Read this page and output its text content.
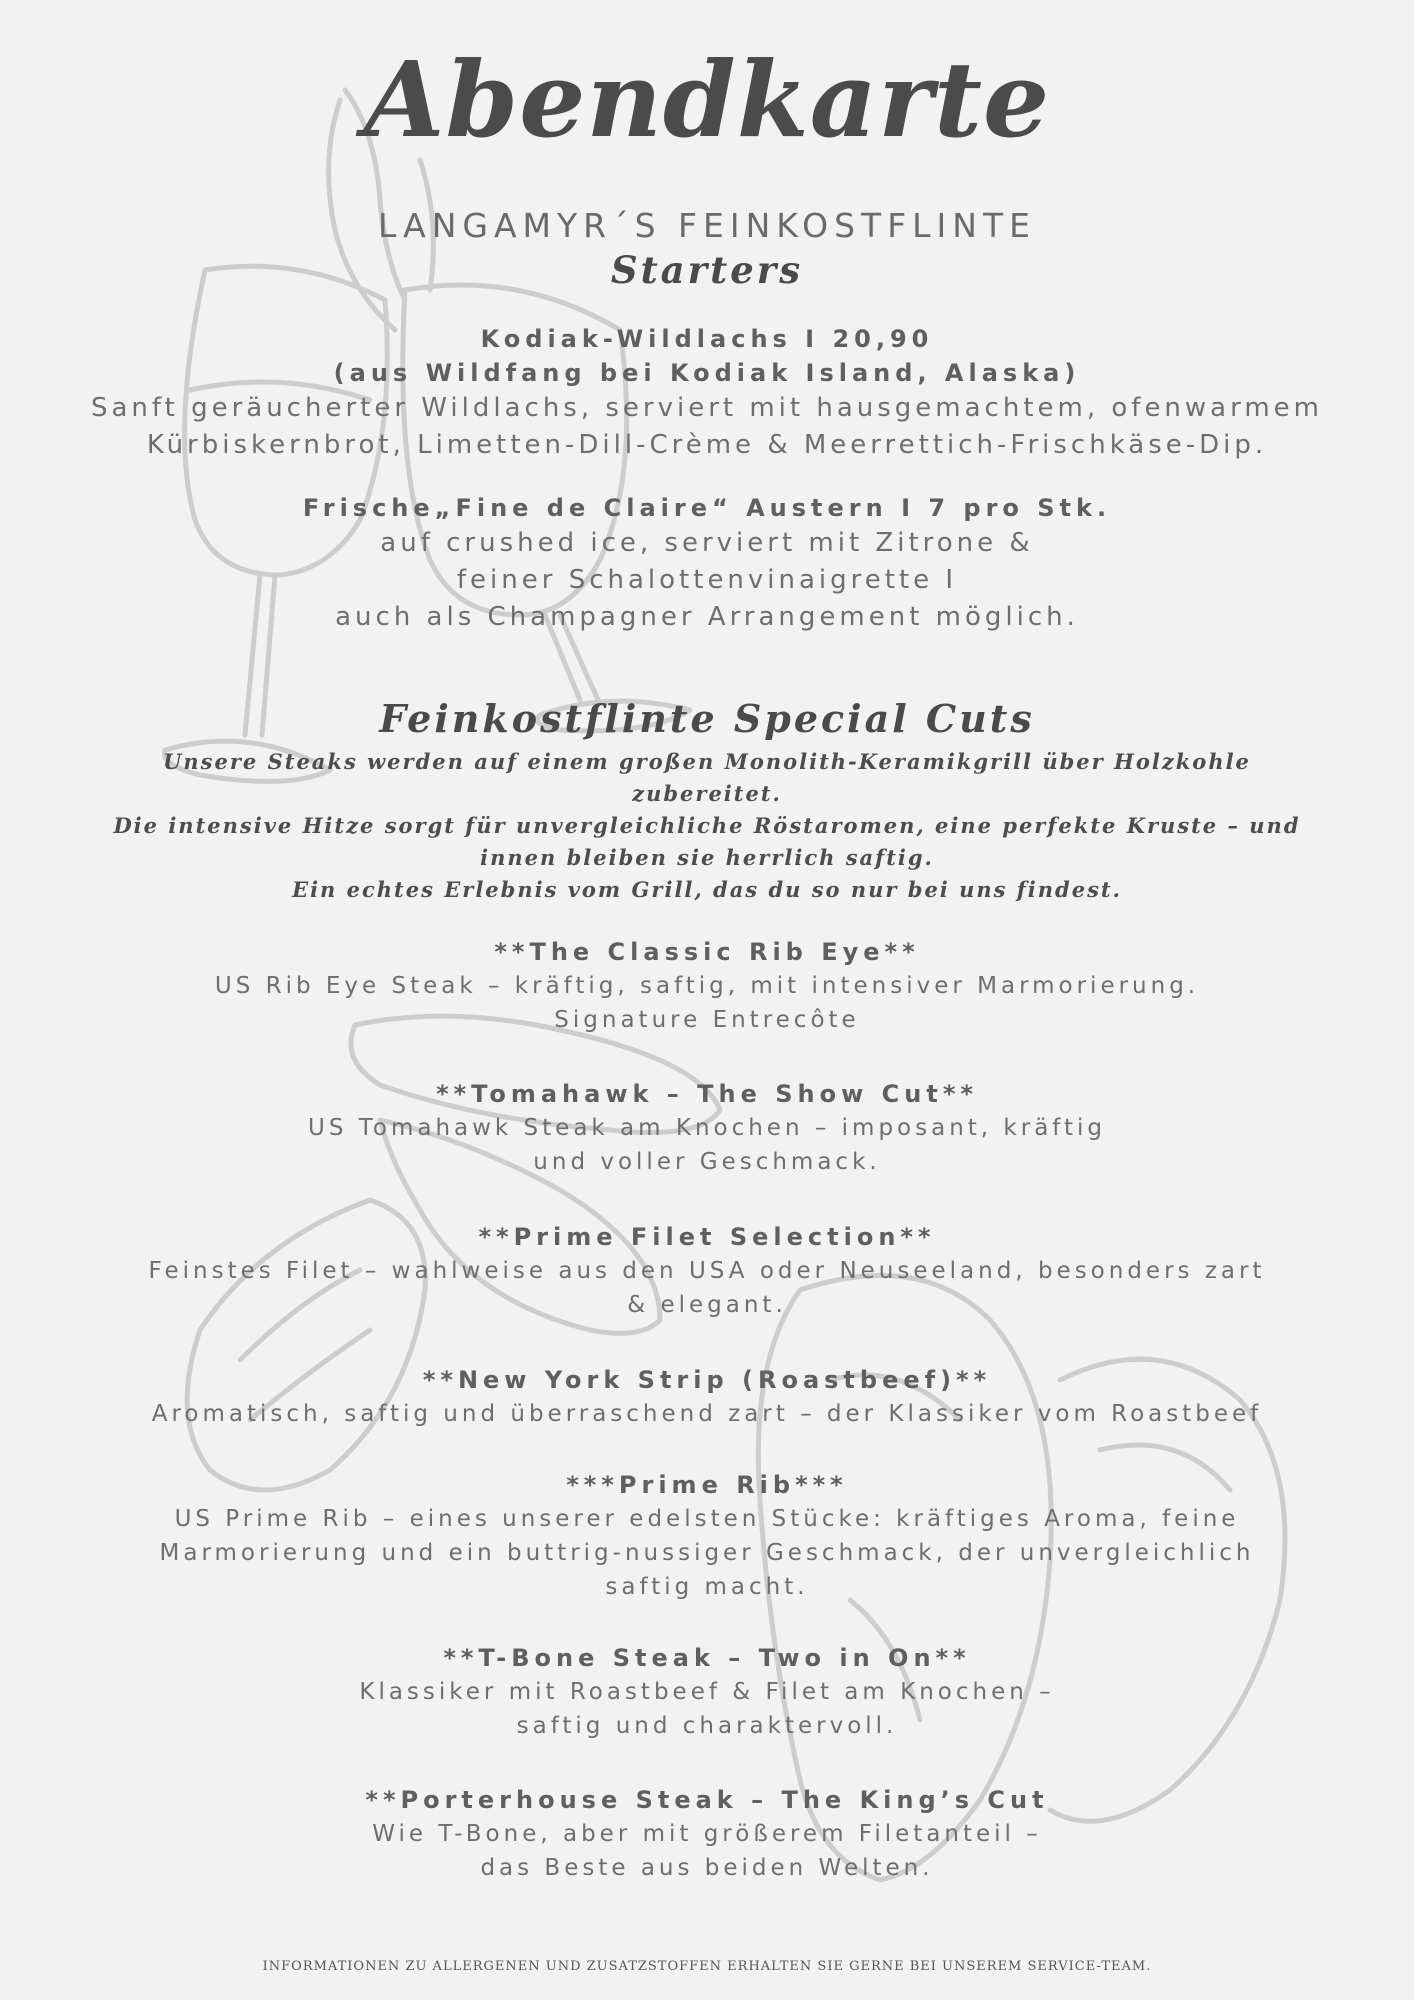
Abendkarte
LANGAMYR´S FEINKOSTFLINTE
Starters
Kodiak-Wildlachs I 20,90
(aus Wildfang bei Kodiak Island, Alaska)

Sanft geräucherter Wildlachs, serviert mit hausgemachtem, ofenwarmem

Kürbiskernbrot, Limetten-Dill-Crème & Meerrettich-Frischkäse-Dip.

Frische„Fine de Claire“ Austern I 7 pro Stk.

auf crushed ice, serviert mit Zitrone &

feiner Schalottenvinaigrette I

auch als Champagner Arrangement möglich.

Feinkostflinte Special Cuts

Unsere Steaks werden auf einem großen Monolith-Keramikgrill über Holzkohle

zubereitet.

Die intensive Hitze sorgt für unvergleichliche Röstaromen, eine perfekte Kruste – und

innen bleiben sie herrlich saftig.

Ein echtes Erlebnis vom Grill, das du so nur bei uns findest.

**The Classic Rib Eye**

US Rib Eye Steak – kräftig, saftig, mit intensiver Marmorierung.

Signature Entrecôte

**Tomahawk – The Show Cut**

US Tomahawk Steak am Knochen – imposant, kräftig

und voller Geschmack.

**Prime Filet Selection**

Feinstes Filet – wahlweise aus den USA oder Neuseeland, besonders zart

& elegant.

**New York Strip (Roastbeef)**

Aromatisch, saftig und überraschend zart – der Klassiker vom Roastbeef

***Prime Rib***

US Prime Rib – eines unserer edelsten Stücke: kräftiges Aroma, feine

Marmorierung und ein buttrig-nussiger Geschmack, der unvergleichlich

saftig macht.

**T-Bone Steak – Two in On**

Klassiker mit Roastbeef & Filet am Knochen –

saftig und charaktervoll.

**Porterhouse Steak – The King’s Cut

Wie T-Bone, aber mit größerem Filetanteil –

das Beste aus beiden Welten.

INFORMATIONEN ZU ALLERGENEN UND ZUSATZSTOFFEN ERHALTEN SIE GERNE BEI UNSEREM SERVICE-TEAM.
